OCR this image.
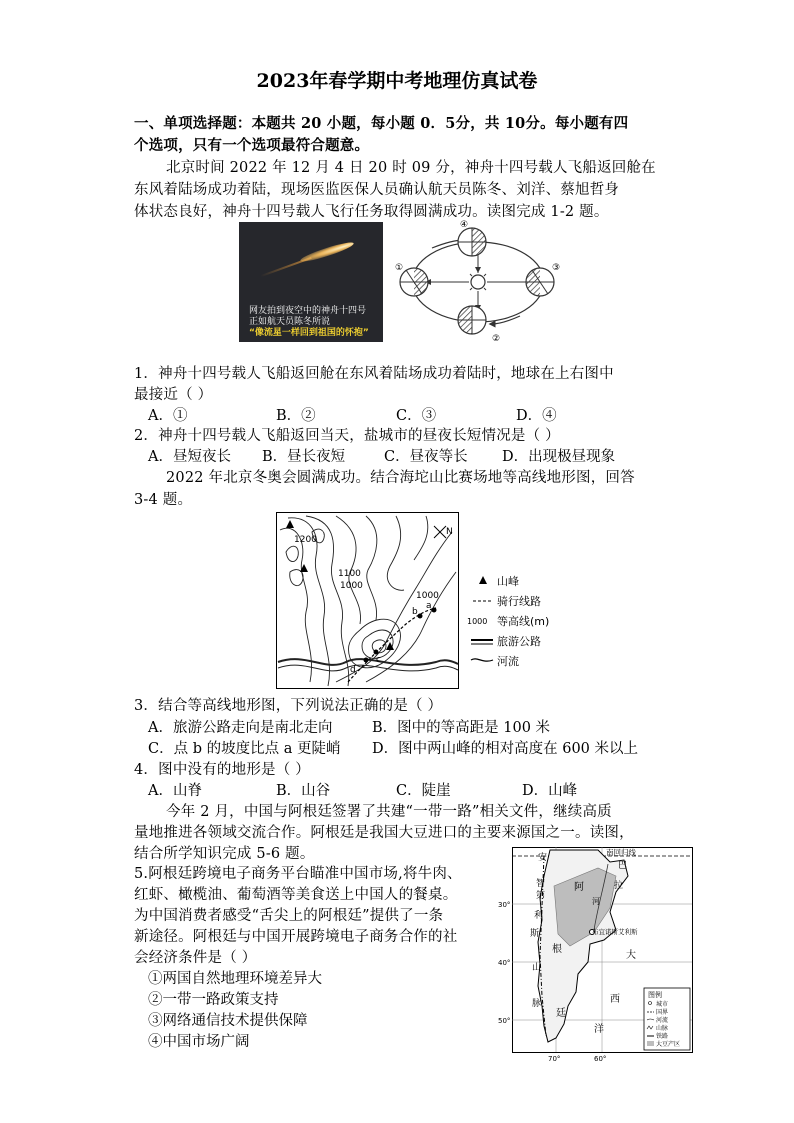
2023年春学期中考地理仿真试卷
一、单项选择题：本题共 20 小题，每小题 0．5分，共 10分。每小题有四
个选项，只有一个选项最符合题意。
北京时间 2022 年 12 月 4 日 20 时 09 分，神舟十四号载人飞船返回舱在
东风着陆场成功着陆，现场医监医保人员确认航天员陈冬、刘洋、蔡旭哲身
体状态良好，神舟十四号载人飞行任务取得圆满成功。读图完成 1-2 题。
网友拍到夜空中的神舟十四号
正如航天员陈冬所说
“像流星一样回到祖国的怀抱”
①
②
③
④
1．神舟十四号载人飞船返回舱在东风着陆场成功着陆时，地球在上右图中
最接近（ ）
A．①	B．②	C．③	D．④
2．神舟十四号载人飞船返回当天，盐城市的昼夜长短情况是（ ）
A．昼短夜长 B．昼长夜短	C．昼夜等长 D．出现极昼现象
2022 年北京冬奥会圆满成功。结合海坨山比赛场地等高线地形图，回答
3-4 题。
N
1200
1100
1000
1000
a
b
c
d
山峰
骑行线路
1000 等高线(m)
旅游公路
河流
3．结合等高线地形图，下列说法正确的是（ ）
A．旅游公路走向是南北走向	B．图中的等高距是 100 米
C．点 b 的坡度比点 a 更陡峭 D．图中两山峰的相对高度在 600 米以上
4．图中没有的地形是（ ）
A．山脊	B．山谷	C．陡崖	D．山峰
今年 2 月，中国与阿根廷签署了共建“一带一路”相关文件，继续高质
量地推进各领域交流合作。阿根廷是我国大豆进口的主要来源国之一。读图，
结合所学知识完成 5-6 题。
5.阿根廷跨境电子商务平台瞄准中国市场,将牛肉、
红虾、橄榄油、葡萄酒等美食送上中国人的餐桌。
为中国消费者感受“舌尖上的阿根廷”提供了一条
新途径。阿根廷与中国开展跨境电子商务合作的社
会经济条件是（ ）
①两国自然地理环境差异大
②一带一路政策支持
③网络通信技术提供保障
④中国市场广阔
南回归线
布宜诺斯艾利斯
阿
根
廷
巴
拉
智
利
大
西
洋
安
第
斯
山
脉
河
30°
40°
50°
70°	60°
图例
城市
国界
河流
山脉
铁路
大豆产区
